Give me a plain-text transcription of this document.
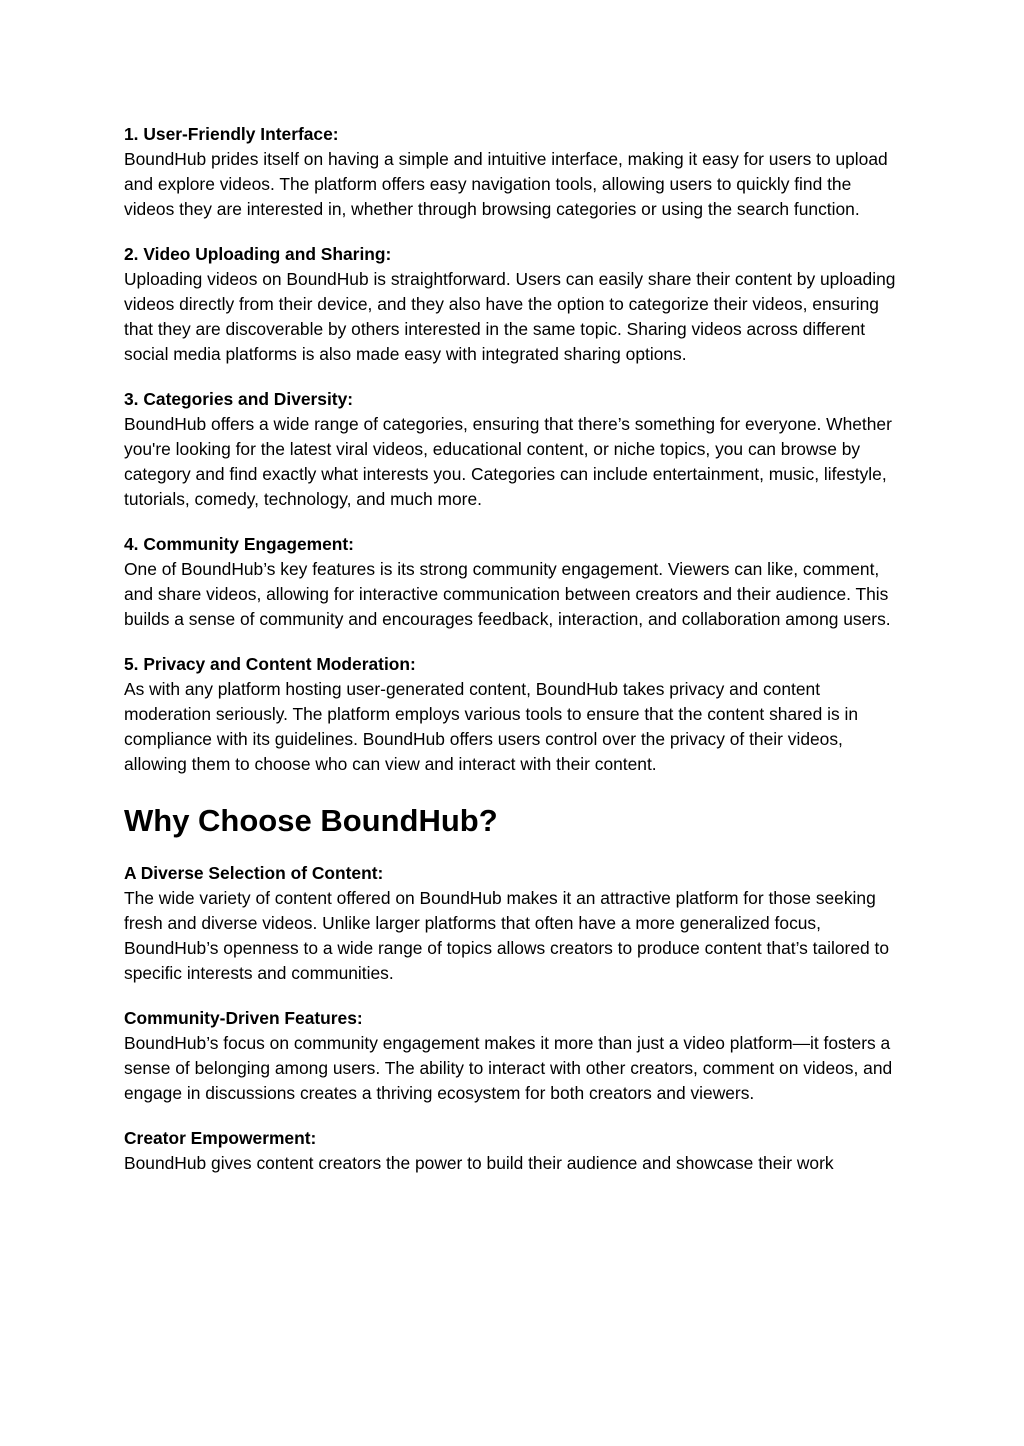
1. User-Friendly Interface:

BoundHub prides itself on having a simple and intuitive interface, making it easy for users to upload and explore videos. The platform offers easy navigation tools, allowing users to quickly find the videos they are interested in, whether through browsing categories or using the search function.

2. Video Uploading and Sharing:

Uploading videos on BoundHub is straightforward. Users can easily share their content by uploading videos directly from their device, and they also have the option to categorize their videos, ensuring that they are discoverable by others interested in the same topic. Sharing videos across different social media platforms is also made easy with integrated sharing options.

3. Categories and Diversity:

BoundHub offers a wide range of categories, ensuring that there’s something for everyone. Whether you're looking for the latest viral videos, educational content, or niche topics, you can browse by category and find exactly what interests you. Categories can include entertainment, music, lifestyle, tutorials, comedy, technology, and much more.

4. Community Engagement:

One of BoundHub’s key features is its strong community engagement. Viewers can like, comment, and share videos, allowing for interactive communication between creators and their audience. This builds a sense of community and encourages feedback, interaction, and collaboration among users.

5. Privacy and Content Moderation:

As with any platform hosting user-generated content, BoundHub takes privacy and content moderation seriously. The platform employs various tools to ensure that the content shared is in compliance with its guidelines. BoundHub offers users control over the privacy of their videos, allowing them to choose who can view and interact with their content.

Why Choose BoundHub?

A Diverse Selection of Content:

The wide variety of content offered on BoundHub makes it an attractive platform for those seeking fresh and diverse videos. Unlike larger platforms that often have a more generalized focus, BoundHub’s openness to a wide range of topics allows creators to produce content that’s tailored to specific interests and communities.

Community-Driven Features:

BoundHub’s focus on community engagement makes it more than just a video platform—it fosters a sense of belonging among users. The ability to interact with other creators, comment on videos, and engage in discussions creates a thriving ecosystem for both creators and viewers.

Creator Empowerment:

BoundHub gives content creators the power to build their audience and showcase their work
